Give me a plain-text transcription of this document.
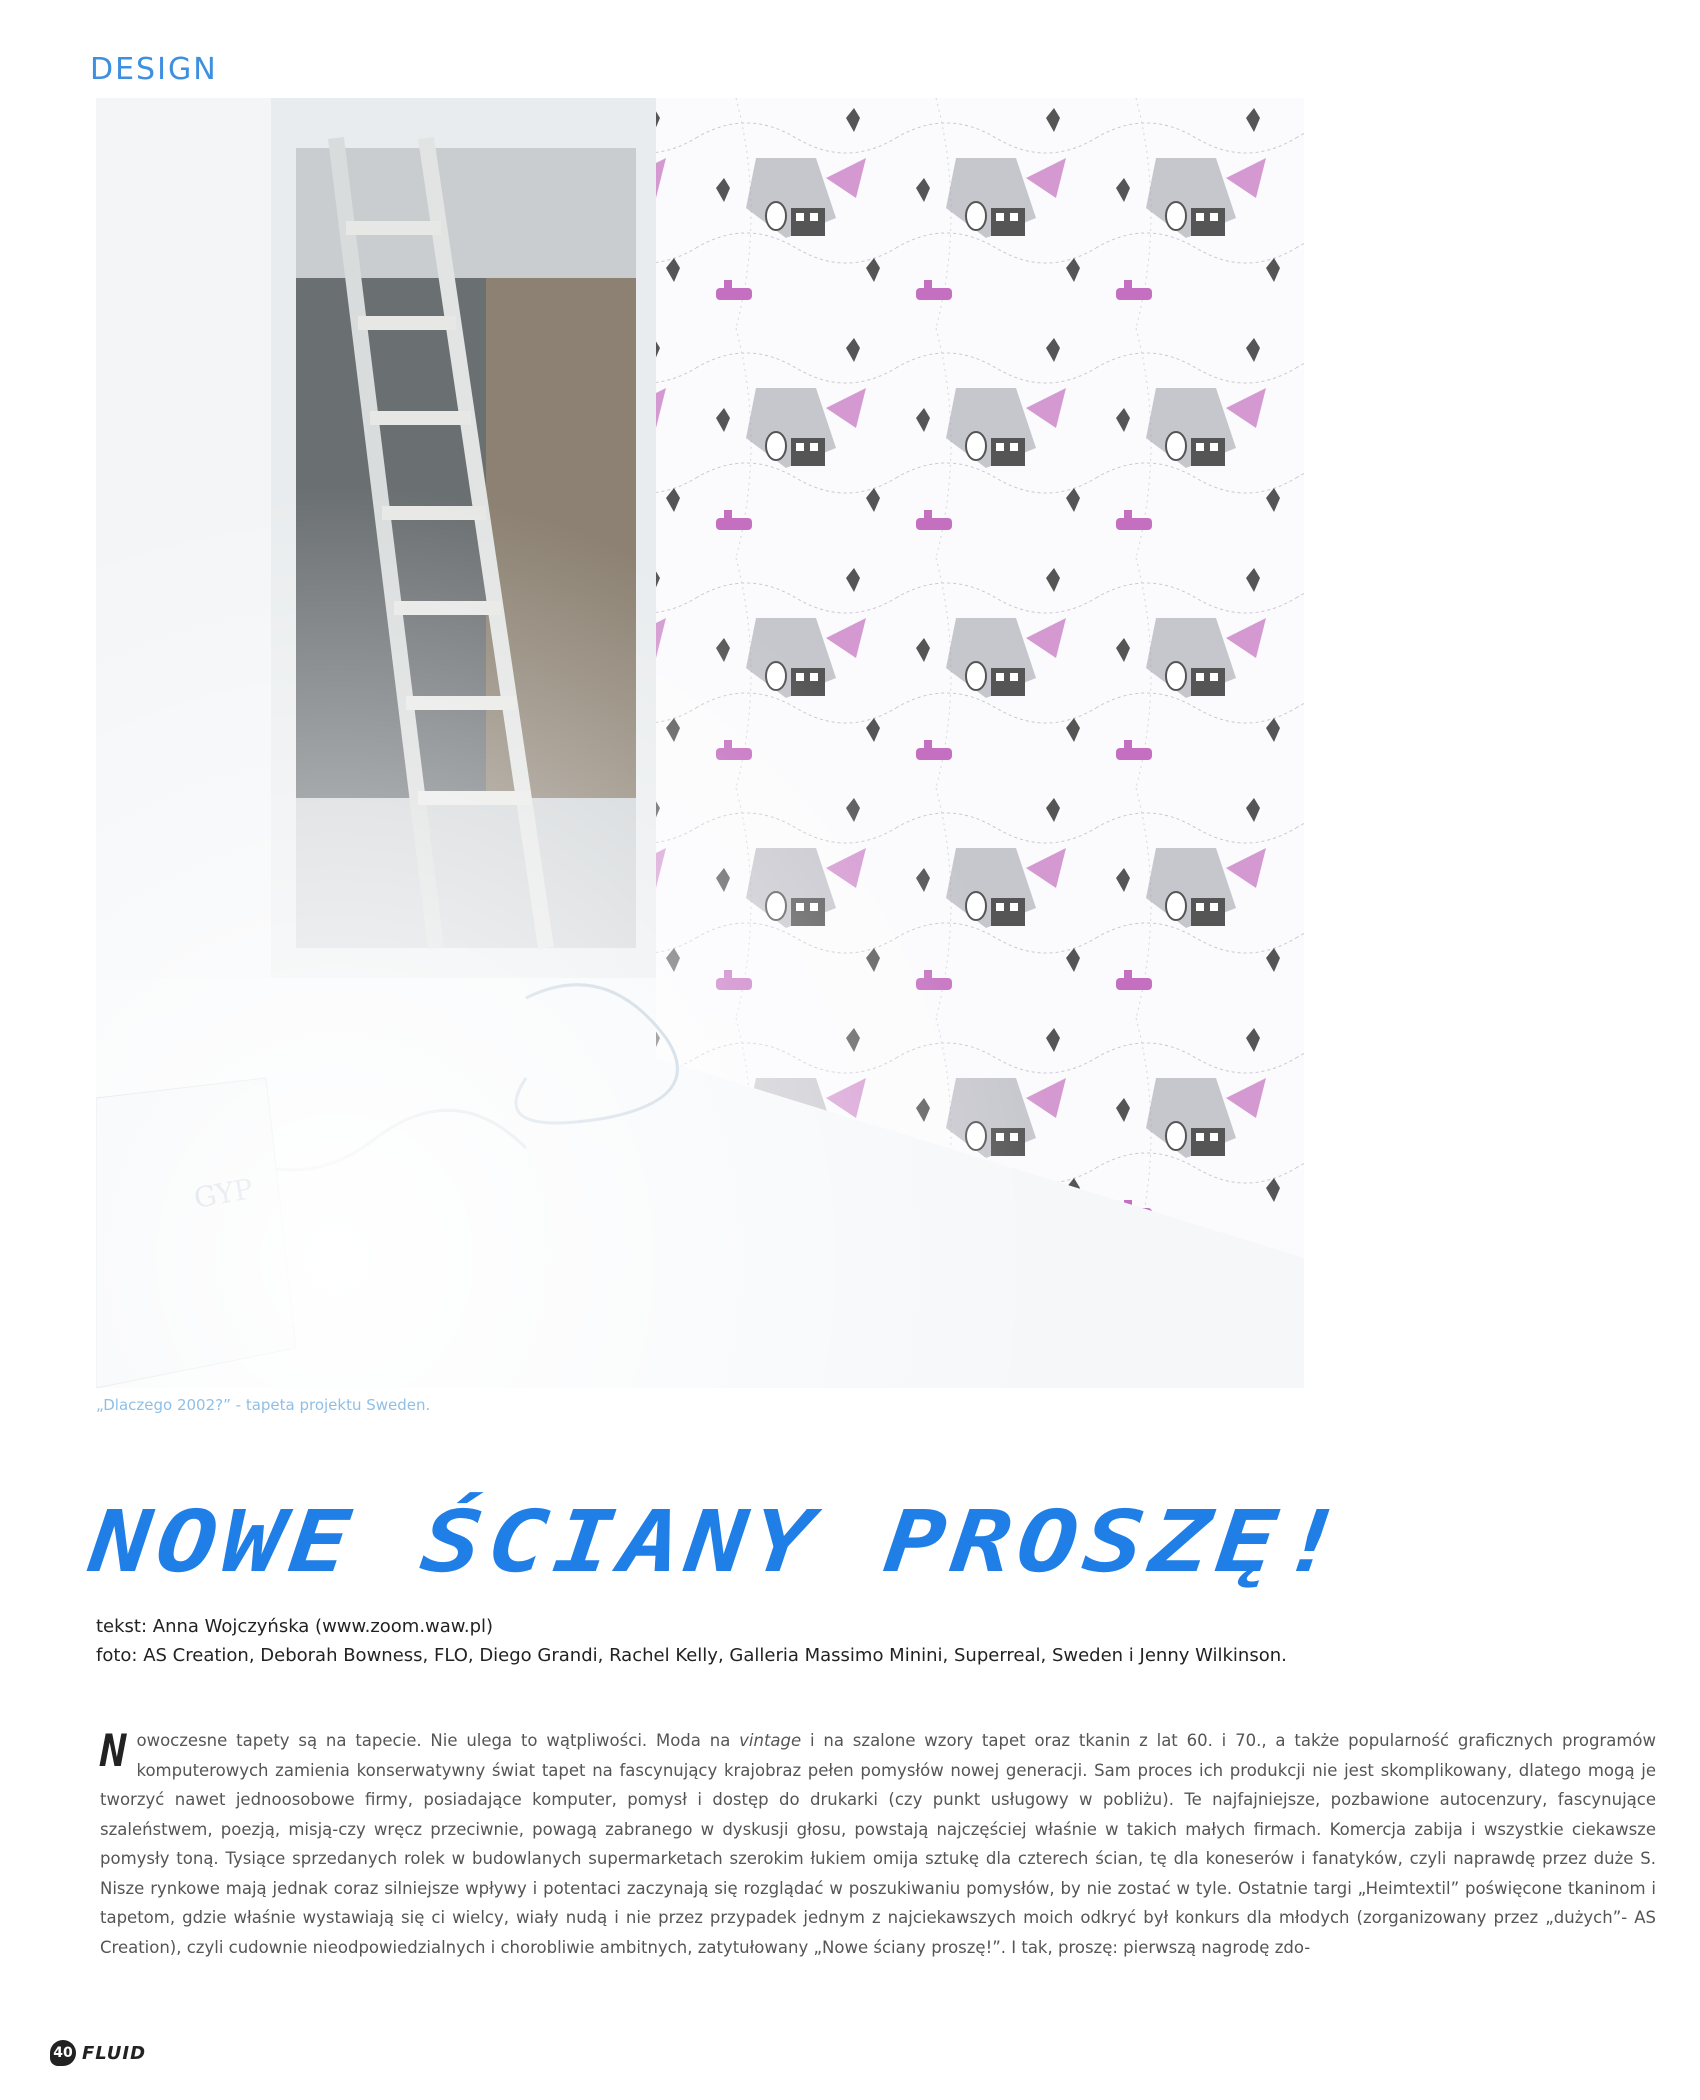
DESIGN
„Dlaczego 2002?” - tapeta projektu Sweden.
NOWE ŚCIANY PROSZĘ!
tekst: Anna Wojczyńska (www.zoom.waw.pl)
foto: AS Creation, Deborah Bowness, FLO, Diego Grandi, Rachel Kelly, Galleria Massimo Minini, Superreal, Sweden i Jenny Wilkinson.
Nowoczesne tapety są na tapecie. Nie ulega to wątpliwości. Moda na vintage i na szalone wzory tapet oraz tkanin z lat 60. i 70., a także popularność graficznych programów komputerowych zamienia konserwatywny świat tapet na fascynujący krajobraz pełen pomysłów nowej generacji. Sam proces ich produkcji nie jest skomplikowany, dlatego mogą je tworzyć nawet jednoosobowe firmy, posiadające komputer, pomysł i dostęp do drukarki (czy punkt usługowy w pobliżu). Te najfajniejsze, pozbawione autocenzury, fascynujące szaleństwem, poezją, misją-czy wręcz przeciwnie, powagą zabranego w dyskusji głosu, powstają najczęściej właśnie w takich małych firmach. Komercja zabija i wszystkie ciekawsze pomysły toną. Tysiące sprzedanych rolek w budowlanych supermarketach szerokim łukiem omija sztukę dla czterech ścian, tę dla koneserów i fanatyków, czyli naprawdę przez duże S. Nisze rynkowe mają jednak coraz silniejsze wpływy i potentaci zaczynają się rozglądać w poszukiwaniu pomysłów, by nie zostać w tyle. Ostatnie targi „Heimtextil” poświęcone tkaninom i tapetom, gdzie właśnie wystawiają się ci wielcy, wiały nudą i nie przez przypadek jednym z najciekawszych moich odkryć był konkurs dla młodych (zorganizowany przez „dużych”- AS Creation), czyli cudownie nieodpowiedzialnych i chorobliwie ambitnych, zatytułowany „Nowe ściany proszę!”. I tak, proszę: pierwszą nagrodę zdo-
40 FLUID
